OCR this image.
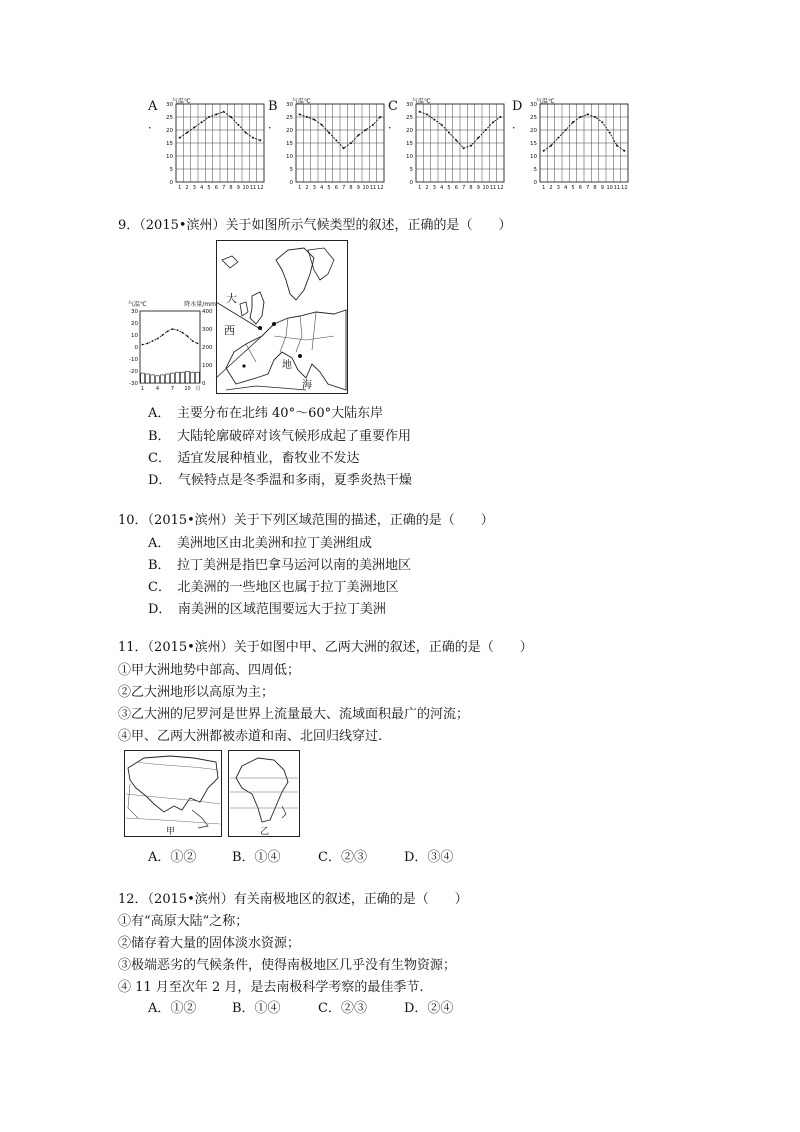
A
．
气温℃
30
25
20
15
10
5
0
1 2 3 4 5 6 7 8 9 10 11 12
B
．
气温℃
30
25
20
15
10
5
0
1 2 3 4 5 6 7 8 9 10 11 12
C
．
气温℃
30
25
20
15
10
5
0
1 2 3 4 5 6 7 8 9 10 11 12
D
．
气温℃
30
25
20
15
10
5
0
1 2 3 4 5 6 7 8 9 10 11 12
9．（2015•滨州）关于如图所示气候类型的叙述，正确的是（　　）
气温℃	降水量/mm
30
20
10
0
-10
-20
-30
400
300
200
100
0
1 4 7 10 月
大
西
地
海
A．　主要分布在北纬 40°～60°大陆东岸
B．　大陆轮廓破碎对该气候形成起了重要作用
C．　适宜发展种植业，畜牧业不发达
D．　气候特点是冬季温和多雨，夏季炎热干燥
10．（2015•滨州）关于下列区域范围的描述，正确的是（　　）
A．　美洲地区由北美洲和拉丁美洲组成
B．　拉丁美洲是指巴拿马运河以南的美洲地区
C．　北美洲的一些地区也属于拉丁美洲地区
D．　南美洲的区域范围要远大于拉丁美洲
11．（2015•滨州）关于如图中甲、乙两大洲的叙述，正确的是（　　）
①甲大洲地势中部高、四周低；
②乙大洲地形以高原为主；
③乙大洲的尼罗河是世界上流量最大、流域面积最广的河流；
④甲、乙两大洲都被赤道和南、北回归线穿过.
甲	乙
A．①②	B．①④	C．②③	D．③④
12．（2015•滨州）有关南极地区的叙述，正确的是（　　）
①有“高原大陆”之称；
②储存着大量的固体淡水资源；
③极端恶劣的气候条件，使得南极地区几乎没有生物资源；
④ 11 月至次年 2 月，是去南极科学考察的最佳季节.
A．①②	B．①④	C．②③	D．②④
